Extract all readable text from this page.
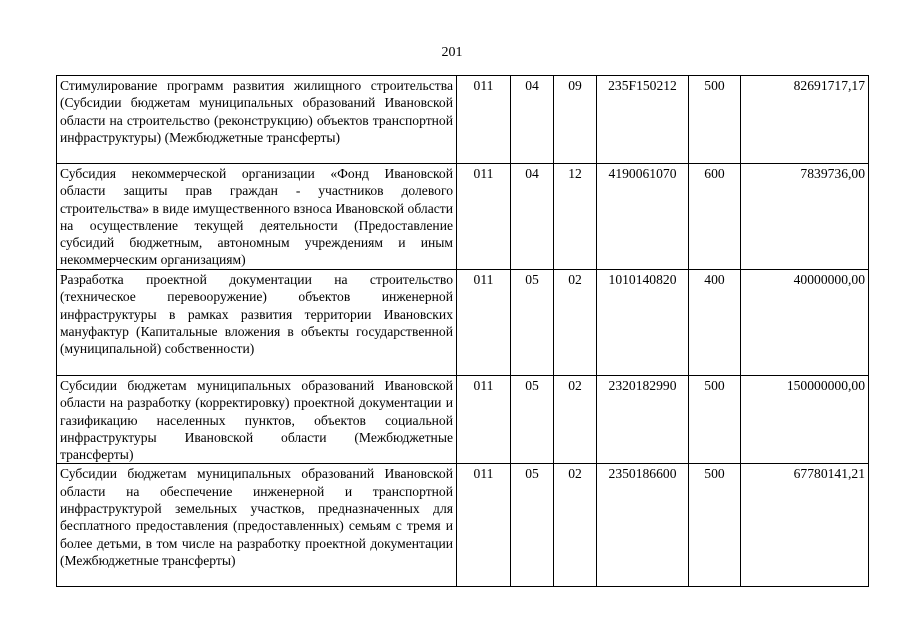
201
Стимулирование программ развития жилищного строительства (Субсидии бюджетам муниципальных образований Ивановской области на строительство (реконструкцию) объектов транспортной инфраструктуры) (Межбюджетные трансферты)	011	04	09	235F150212	500	82691717,17
Субсидия некоммерческой организации «Фонд Ивановской области защиты прав граждан - участников долевого строительства» в виде имущественного взноса Ивановской области на осуществление текущей деятельности (Предоставление субсидий бюджетным, автономным учреждениям и иным некоммерческим организациям)	011	04	12	4190061070	600	7839736,00
Разработка проектной документации на строительство (техническое перевооружение) объектов инженерной инфраструктуры в рамках развития территории Ивановских мануфактур (Капитальные вложения в объекты государственной (муниципальной) собственности)	011	05	02	1010140820	400	40000000,00
Субсидии бюджетам муниципальных образований Ивановской области на разработку (корректировку) проектной документации и газификацию населенных пунктов, объектов социальной инфраструктуры Ивановской области (Межбюджетные трансферты)	011	05	02	2320182990	500	150000000,00
Субсидии бюджетам муниципальных образований Ивановской области на обеспечение инженерной и транспортной инфраструктурой земельных участков, предназначенных для бесплатного предоставления (предоставленных) семьям с тремя и более детьми, в том числе на разработку проектной документации (Межбюджетные трансферты)	011	05	02	2350186600	500	67780141,21
